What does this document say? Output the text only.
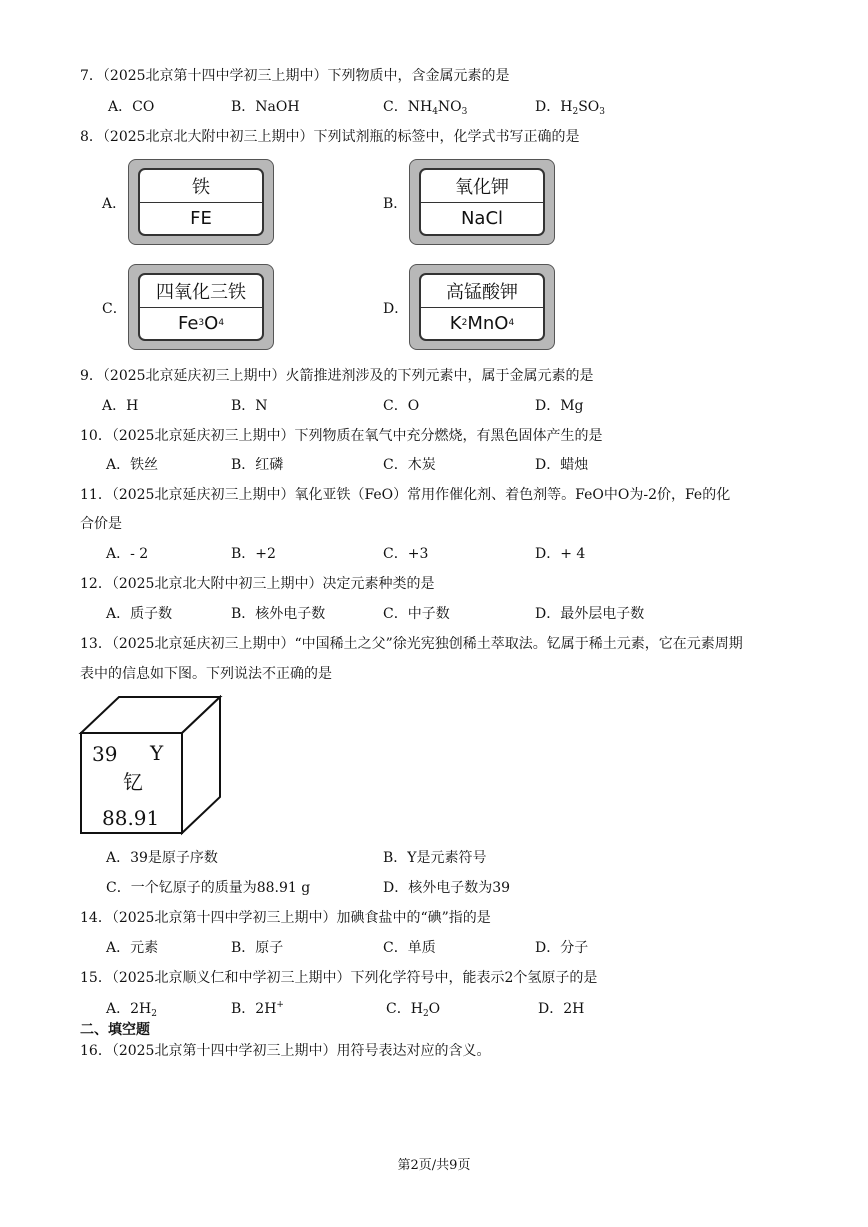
7．（2025北京第十四中学初三上期中）下列物质中，含金属元素的是
A．CO	B．NaOH	C．$NH_4NO_3$	D．$H_2SO_3$
8．（2025北京北大附中初三上期中）下列试剂瓶的标签中，化学式书写正确的是
A．
铁
FE
B．
氧化钾
NaCl
C．
四氧化三铁
Fe 3 O 4
D．
高锰酸钾
K 2 MnO 4
9．（2025北京延庆初三上期中）火箭推进剂涉及的下列元素中，属于金属元素的是
A．H	B．N	C．O	D．Mg
10．（2025北京延庆初三上期中）下列物质在氧气中充分燃烧，有黑色固体产生的是
A．铁丝	B．红磷	C．木炭	D．蜡烛
11．（2025北京延庆初三上期中）氧化亚铁（FeO）常用作催化剂、着色剂等。FeO中O为-2价，Fe的化
合价是
A．- 2	B．+2	C．+3	D．+ 4
12．（2025北京北大附中初三上期中）决定元素种类的是
A．质子数	B．核外电子数	C．中子数	D．最外层电子数
13．（2025北京延庆初三上期中）“中国稀土之父”徐光宪独创稀土萃取法。钇属于稀土元素，它在元素周期
表中的信息如下图。下列说法不正确的是
39 Y
钇
88.91
A．39是原子序数	B．Y是元素符号
C．一个钇原子的质量为88.91 g	D．核外电子数为39
14．（2025北京第十四中学初三上期中）加碘食盐中的“碘”指的是
A．元素	B．原子	C．单质	D．分子
15．（2025北京顺义仁和中学初三上期中）下列化学符号中，能表示2个氢原子的是
A．$2H_2$	B．2H+	C．$H_2O$	D．2H
二、填空题
16．（2025北京第十四中学初三上期中）用符号表达对应的含义。
第2页/共9页
